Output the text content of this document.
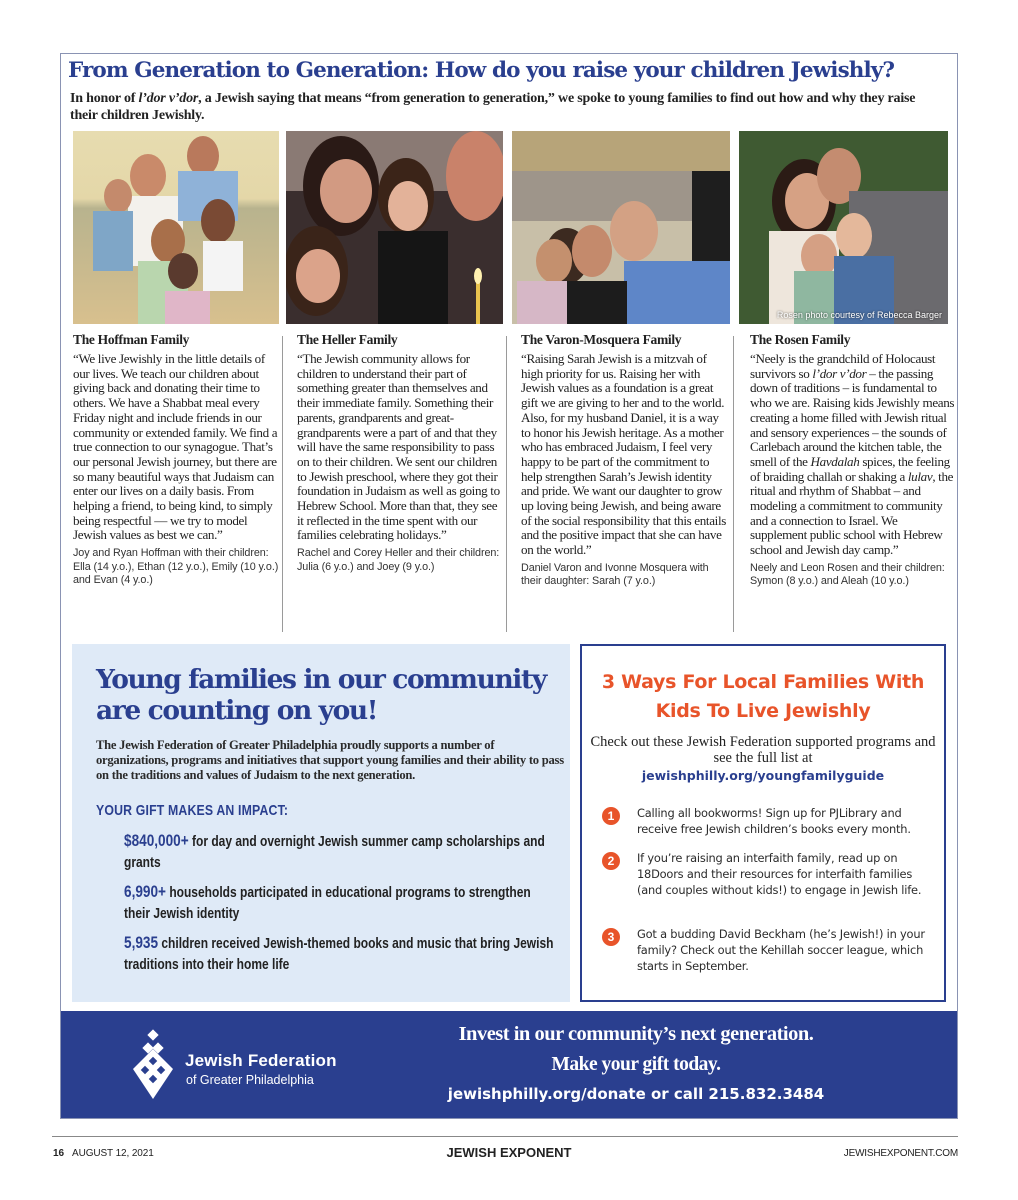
From Generation to Generation: How do you raise your children Jewishly?

In honor of l’dor v’dor, a Jewish saying that means “from generation to generation,” we spoke to young families to find out how and why they raise their children Jewishly.

Rosen photo courtesy of Rebecca Barger
The Hoffman Family
“We live Jewishly in the little details of our lives. We teach our children about giving back and donating their time to others. We have a Shabbat meal every Friday night and include friends in our community or extended family. We find a true connection to our synagogue. That’s our personal Jewish journey, but there are so many beautiful ways that Judaism can enter our lives on a daily basis. From helping a friend, to being kind, to simply being respectful — we try to model Jewish values as best we can.”
Joy and Ryan Hoffman with their children: Ella (14 y.o.), Ethan (12 y.o.), Emily (10 y.o.) and Evan (4 y.o.)
The Heller Family
“The Jewish community allows for children to understand their part of something greater than themselves and their immediate family. Something their parents, grandparents and great-grandparents were a part of and that they will have the same responsibility to pass on to their children. We sent our children to Jewish preschool, where they got their foundation in Judaism as well as going to Hebrew School. More than that, they see it reflected in the time spent with our families celebrating holidays.”
Rachel and Corey Heller and their children: Julia (6 y.o.) and Joey (9 y.o.)
The Varon-Mosquera Family
“Raising Sarah Jewish is a mitzvah of high priority for us. Raising her with Jewish values as a foundation is a great gift we are giving to her and to the world. Also, for my husband Daniel, it is a way to honor his Jewish heritage. As a mother who has embraced Judaism, I feel very happy to be part of the commitment to help strengthen Sarah’s Jewish identity and pride. We want our daughter to grow up loving being Jewish, and being aware of the social responsibility that this entails and the positive impact that she can have on the world.”
Daniel Varon and Ivonne Mosquera with their daughter: Sarah (7 y.o.)
The Rosen Family
“Neely is the grandchild of Holocaust survivors so l’dor v’dor – the passing down of traditions – is fundamental to who we are. Raising kids Jewishly means creating a home filled with Jewish ritual and sensory experiences – the sounds of Carlebach around the kitchen table, the smell of the Havdalah spices, the feeling of braiding challah or shaking a lulav, the ritual and rhythm of Shabbat – and modeling a commitment to community and a connection to Israel. We supplement public school with Hebrew school and Jewish day camp.”
Neely and Leon Rosen and their children: Symon (8 y.o.) and Aleah (10 y.o.)
Young families in our community are counting on you!

The Jewish Federation of Greater Philadelphia proudly supports a number of organizations, programs and initiatives that support young families and their ability to pass on the traditions and values of Judaism to the next generation.

YOUR GIFT MAKES AN IMPACT:
$840,000+ for day and overnight Jewish summer camp scholarships and grants
6,990+ households participated in educational programs to strengthen their Jewish identity
5,935 children received Jewish-themed books and music that bring Jewish traditions into their home life
3 Ways For Local Families With Kids To Live Jewishly

Check out these Jewish Federation supported programs and see the full list at

jewishphilly.org/youngfamilyguide
1	Calling all bookworms! Sign up for PJLibrary and receive free Jewish children’s books every month.
2	If you’re raising an interfaith family, read up on 18Doors and their resources for interfaith families (and couples without kids!) to engage in Jewish life.
3	Got a budding David Beckham (he’s Jewish!) in your family? Check out the Kehillah soccer league, which starts in September.
Jewish Federation
of Greater Philadelphia
Invest in our community’s next generation.
Make your gift today.
jewishphilly.org/donate or call 215.832.3484
16 AUGUST 12, 2021	JEWISH EXPONENT	JEWISHEXPONENT.COM
